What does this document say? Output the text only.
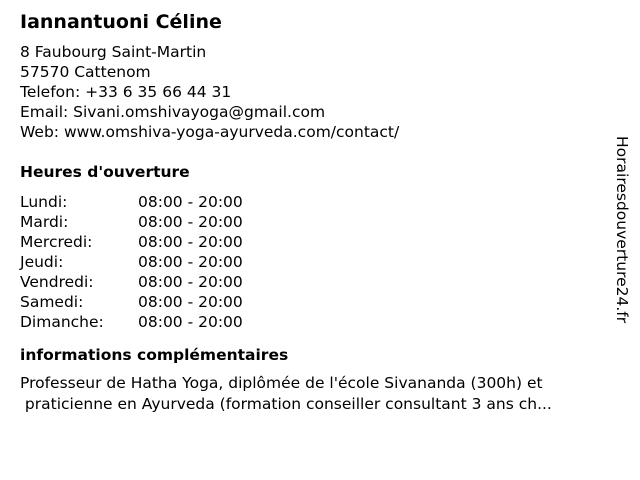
Iannantuoni Céline
8 Faubourg Saint-Martin
57570 Cattenom
Telefon: +33 6 35 66 44 31
Email: Sivani.omshivayoga@gmail.com
Web: www.omshiva-yoga-ayurveda.com/contact/
Heures d'ouverture
Lundi:	08:00 - 20:00
Mardi:	08:00 - 20:00
Mercredi:	08:00 - 20:00
Jeudi:	08:00 - 20:00
Vendredi:	08:00 - 20:00
Samedi:	08:00 - 20:00
Dimanche:	08:00 - 20:00
informations complémentaires
Professeur de Hatha Yoga, diplômée de l'école Sivananda (300h) et
praticienne en Ayurveda (formation conseiller consultant 3 ans ch...
Horairesdouverture24.fr
